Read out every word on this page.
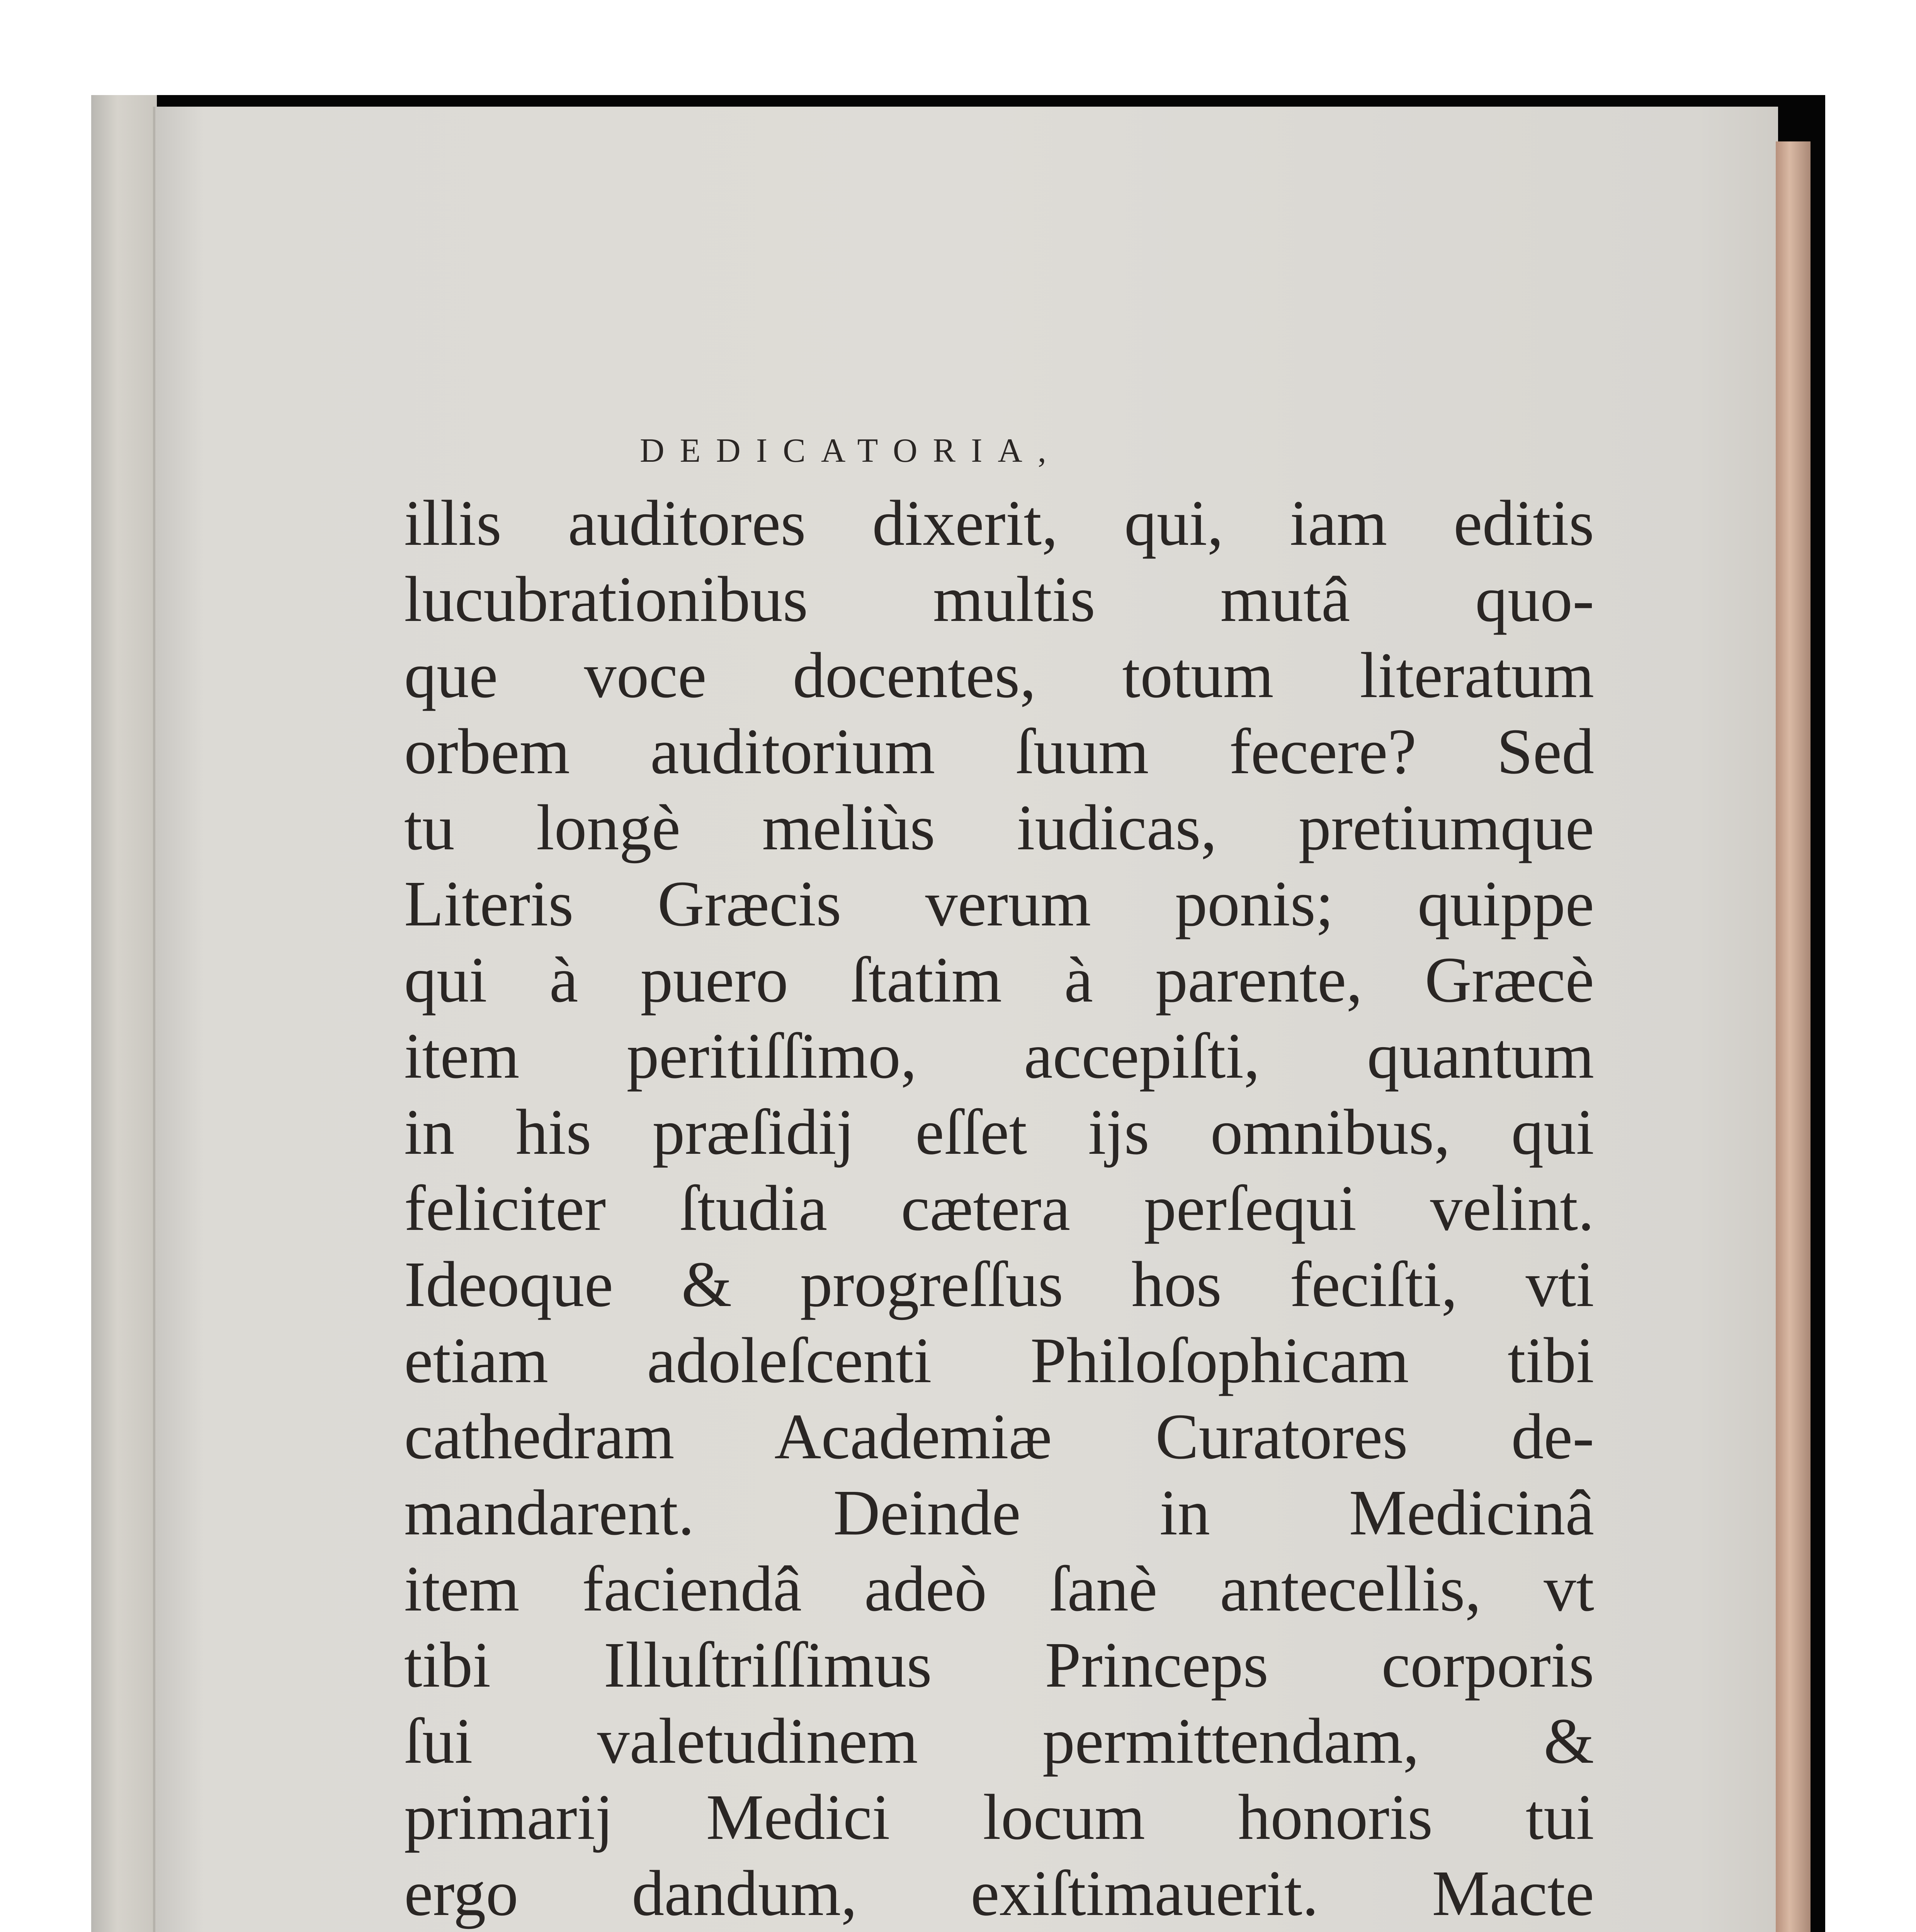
DEDICATORIA,
illis auditores dixerit, qui, iam editis
lucubrationibus multis mutâ quo-
que voce docentes, totum literatum
orbem auditorium ſuum fecere? Sed
tu longè meliùs iudicas, pretiumque
Literis Græcis verum ponis; quippe
qui à puero ſtatim à parente, Græcè
item peritiſſimo, accepiſti, quantum
in his præſidij eſſet ijs omnibus, qui
feliciter ſtudia cætera perſequi velint.
Ideoque & progreſſus hos feciſti, vti
etiam adoleſcenti Philoſophicam tibi
cathedram Academiæ Curatores de-
mandarent. Deinde in Medicinâ
item faciendâ adeò ſanè antecellis, vt
tibi Illuſtriſſimus Princeps corporis
ſui valetudinem permittendam, &
primarij Medici locum honoris tui
ergo dandum, exiſtimauerit. Macte
